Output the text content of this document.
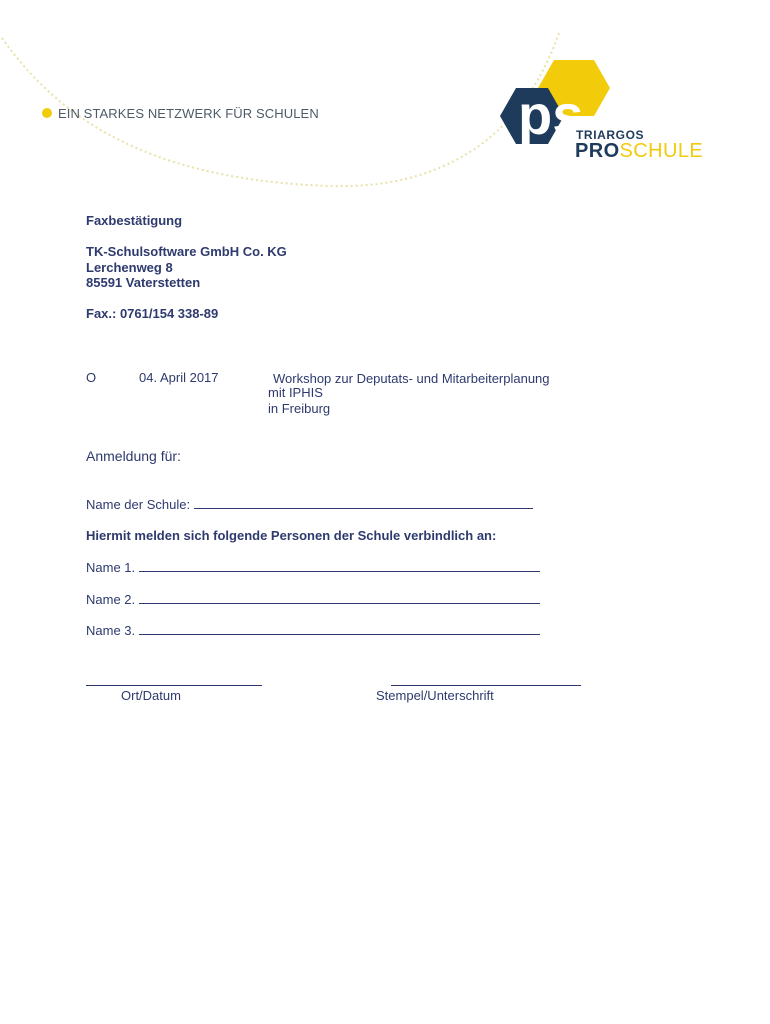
EIN STARKES NETZWERK FÜR SCHULEN	ps
TRIARGOS
PROSCHULE
Faxbestätigung
TK-Schulsoftware GmbH Co. KG
Lerchenweg 8
85591 Vaterstetten
Fax.: 0761/154 338-89
O	04. April 2017	Workshop zur Deputats- und Mitarbeiterplanung
mit IPHIS
in Freiburg
Anmeldung für:
Name der Schule:
Hiermit melden sich folgende Personen der Schule verbindlich an:
Name 1.
Name 2.
Name 3.
Ort/Datum	Stempel/Unterschrift
